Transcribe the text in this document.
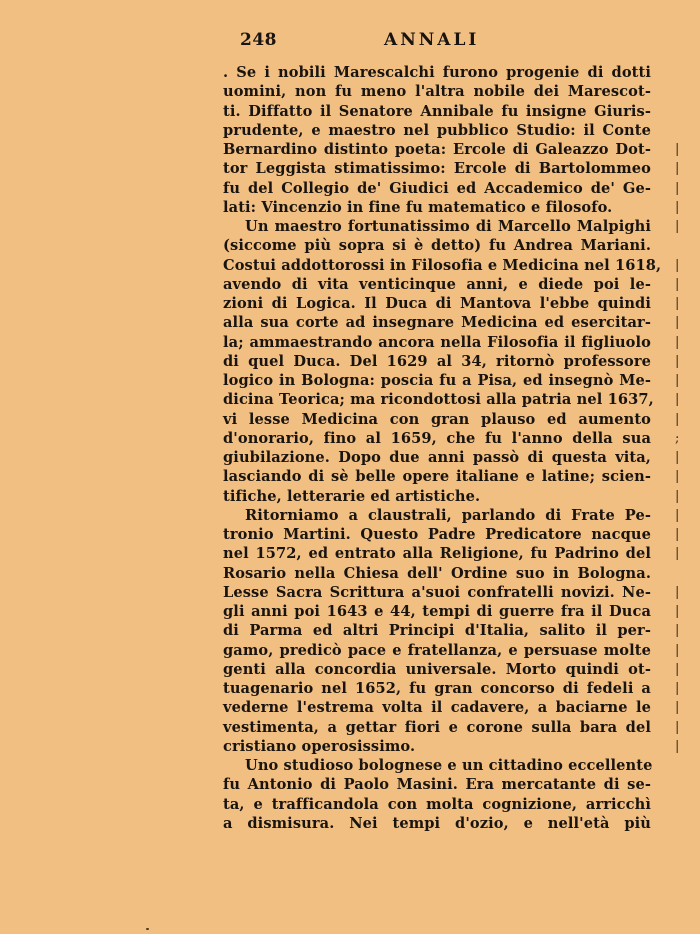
248	ANNALI
. Se i nobili Marescalchi furono progenie di dotti
uomini, non fu meno l'altra nobile dei Marescot-
ti. Diffatto il Senatore Annibale fu insigne Giuris-
prudente, e maestro nel pubblico Studio: il Conte
Bernardino distinto poeta: Ercole di Galeazzo Dot-
tor Leggista stimatissimo: Ercole di Bartolommeo
fu del Collegio de' Giudici ed Accademico de' Ge-
lati: Vincenzio in fine fu matematico e filosofo.
Un maestro fortunatissimo di Marcello Malpighi
(siccome più sopra si è detto) fu Andrea Mariani.
Costui addottorossi in Filosofia e Medicina nel 1618,
avendo di vita venticinque anni, e diede poi le-
zioni di Logica. Il Duca di Mantova l'ebbe quindi
alla sua corte ad insegnare Medicina ed esercitar-
la; ammaestrando ancora nella Filosofia il figliuolo
di quel Duca. Del 1629 al 34, ritornò professore
logico in Bologna: poscia fu a Pisa, ed insegnò Me-
dicina Teorica; ma ricondottosi alla patria nel 1637,
vi lesse Medicina con gran plauso ed aumento
d'onorario, fino al 1659, che fu l'anno della sua
giubilazione. Dopo due anni passò di questa vita,
lasciando di sè belle opere italiane e latine; scien-
tifiche, letterarie ed artistiche.
Ritorniamo a claustrali, parlando di Frate Pe-
tronio Martini. Questo Padre Predicatore nacque
nel 1572, ed entrato alla Religione, fu Padrino del
Rosario nella Chiesa dell' Ordine suo in Bologna.
Lesse Sacra Scrittura a'suoi confratelli novizi. Ne-
gli anni poi 1643 e 44, tempi di guerre fra il Duca
di Parma ed altri Principi d'Italia, salito il per-
gamo, predicò pace e fratellanza, e persuase molte
genti alla concordia universale. Morto quindi ot-
tuagenario nel 1652, fu gran concorso di fedeli a
vederne l'estrema volta il cadavere, a baciarne le
vestimenta, a gettar fiori e corone sulla bara del
cristiano operosissimo.
Uno studioso bolognese e un cittadino eccellente
fu Antonio di Paolo Masini. Era mercatante di se-
ta, e trafficandola con molta cognizione, arricchì
a dismisura. Nei tempi d'ozio, e nell'età più
|
|
|
|
|
|
|
|
|
|
|
|
|
|
;
|
|
|
|
|
|
|
|
|
|
|
|
|
|
|
